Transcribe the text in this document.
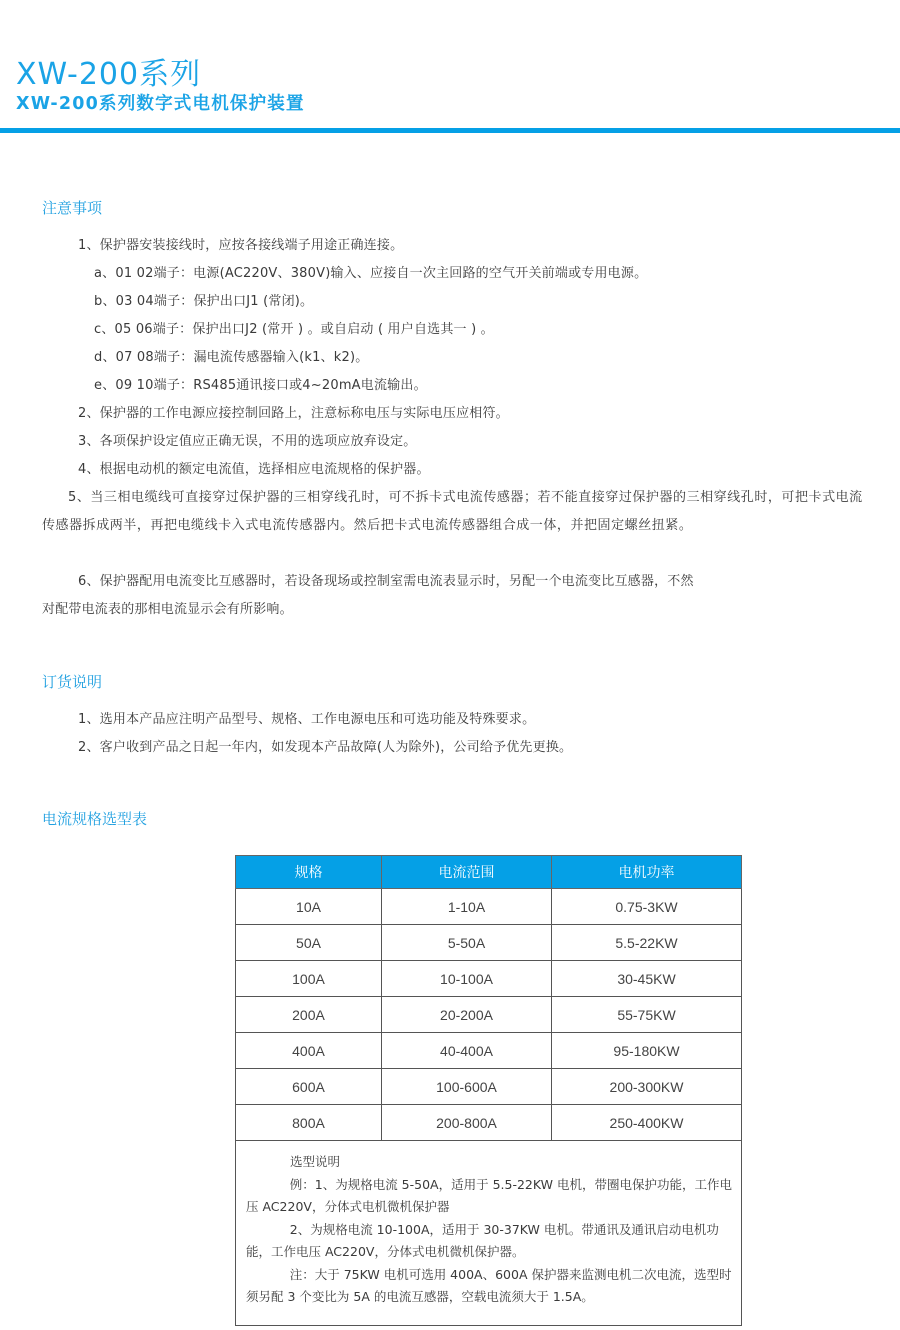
XW-200系列
XW-200系列数字式电机保护装置
注意事项
1、保护器安装接线时，应按各接线端子用途正确连接。
a、01 02端子：电源(AC220V、380V)输入、应接自一次主回路的空气开关前端或专用电源。
b、03 04端子：保护出口J1 (常闭)。
c、05 06端子：保护出口J2 (常开 ) 。或自启动 ( 用户自选其一 ) 。
d、07 08端子：漏电流传感器输入(k1、k2)。
e、09 10端子：RS485通讯接口或4~20mA电流输出。
2、保护器的工作电源应接控制回路上，注意标称电压与实际电压应相符。
3、各项保护设定值应正确无误，不用的选项应放弃设定。
4、根据电动机的额定电流值，选择相应电流规格的保护器。
5、当三相电缆线可直接穿过保护器的三相穿线孔时，可不拆卡式电流传感器；若不能直接穿过保护器的三相穿线孔时，可把卡式电流传感器拆成两半，再把电缆线卡入式电流传感器内。然后把卡式电流传感器组合成一体，并把固定螺丝扭紧。
6、保护器配用电流变比互感器时，若设备现场或控制室需电流表显示时，另配一个电流变比互感器，不然
对配带电流表的那相电流显示会有所影响。
订货说明
1、选用本产品应注明产品型号、规格、工作电源电压和可选功能及特殊要求。
2、客户收到产品之日起一年内，如发现本产品故障(人为除外)，公司给予优先更换。
电流规格选型表
规格	电流范围	电机功率
10A	1-10A	0.75-3KW
50A	5-50A	5.5-22KW
100A	10-100A	30-45KW
200A	20-200A	55-75KW
400A	40-400A	95-180KW
600A	100-600A	200-300KW
800A	200-800A	250-400KW

选型说明
例：1、为规格电流 5-50A，适用于 5.5-22KW 电机，带圈电保护功能，工作电压 AC220V，分体式电机微机保护器
2、为规格电流 10-100A，适用于 30-37KW 电机。带通讯及通讯启动电机功能，工作电压 AC220V，分体式电机微机保护器。
注：大于 75KW 电机可选用 400A、600A 保护器来监测电机二次电流，选型时须另配 3 个变比为 5A 的电流互感器，空载电流须大于 1.5A。		
